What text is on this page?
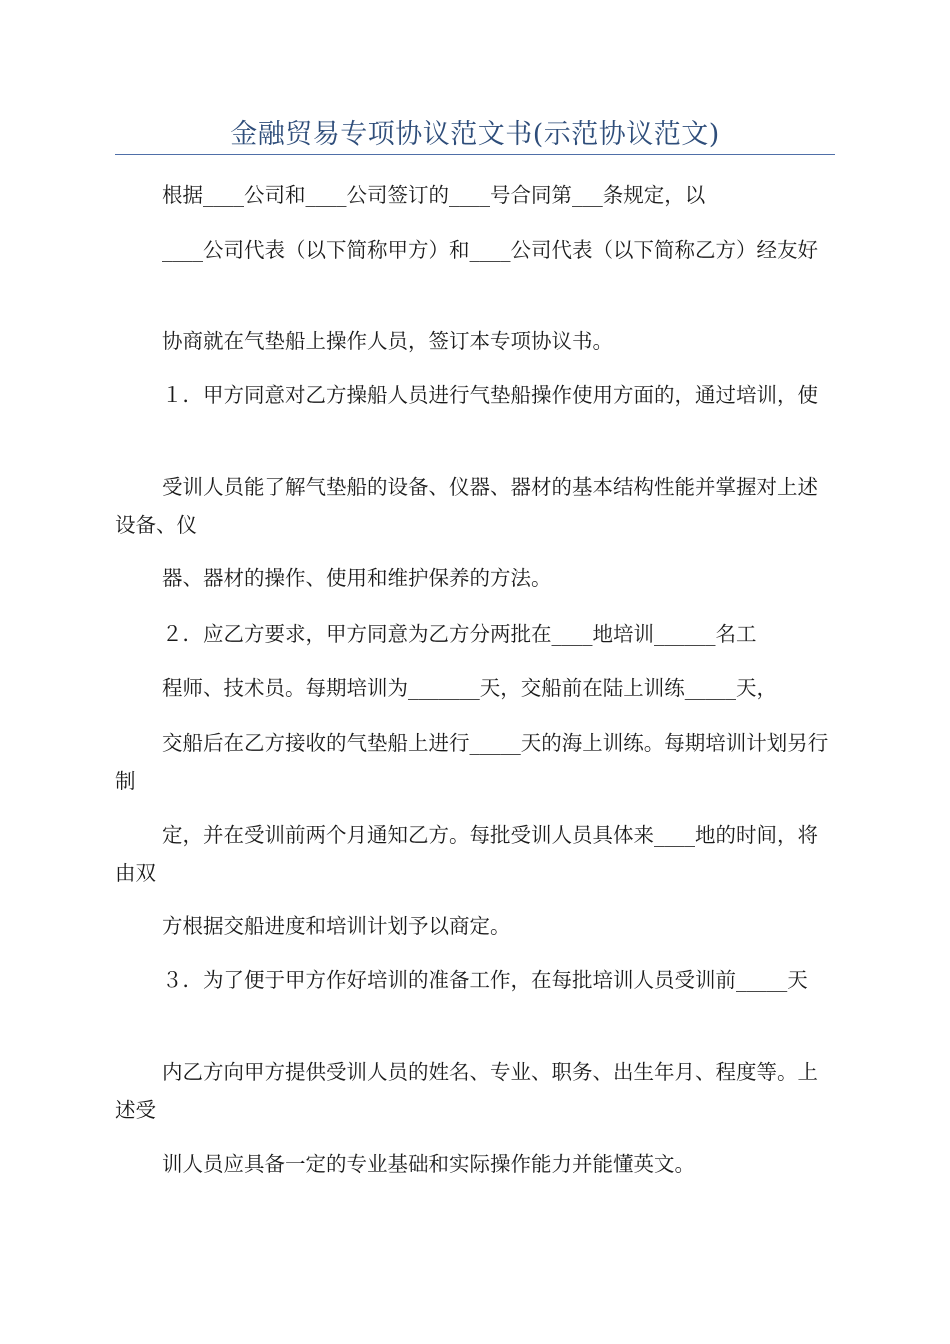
金融贸易专项协议范文书(示范协议范文)

根据____公司和____公司签订的____号合同第___条规定，以

____公司代表（以下简称甲方）和____公司代表（以下简称乙方）经友好

协商就在气垫船上操作人员，签订本专项协议书。

１．甲方同意对乙方操船人员进行气垫船操作使用方面的，通过培训，使

受训人员能了解气垫船的设备、仪器、器材的基本结构性能并掌握对上述设备、仪

器、器材的操作、使用和维护保养的方法。

２．应乙方要求，甲方同意为乙方分两批在____地培训______名工

程师、技术员。每期培训为_______天，交船前在陆上训练_____天，

交船后在乙方接收的气垫船上进行_____天的海上训练。每期培训计划另行制

定，并在受训前两个月通知乙方。每批受训人员具体来____地的时间，将由双

方根据交船进度和培训计划予以商定。

３．为了便于甲方作好培训的准备工作，在每批培训人员受训前_____天

内乙方向甲方提供受训人员的姓名、专业、职务、出生年月、程度等。上述受

训人员应具备一定的专业基础和实际操作能力并能懂英文。
